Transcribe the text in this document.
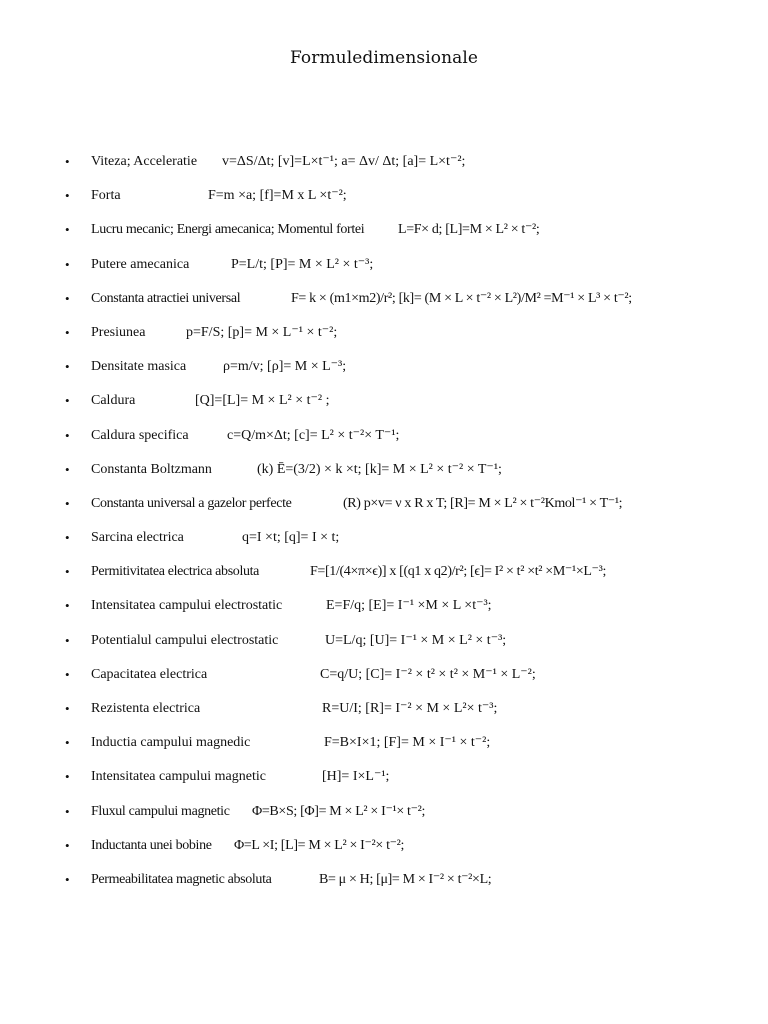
Formuledimensionale
• Viteza; Acceleratie v=ΔS/Δt; [v]=L×t⁻¹; a= Δv/ Δt; [a]= L×t⁻²;
• Forta	F=m ×a; [f]=M x L ×t⁻²;
• Lucru mecanic; Energi amecanica; Momentul fortei L=F× d; [L]=M × L² × t⁻²;
• Putere amecanica	P=L/t; [P]= M × L² × t⁻³;
• Constanta atractiei universal	F= k × (m1×m2)/r²; [k]= (M × L × t⁻² × L²)/M² =M⁻¹ × L³ × t⁻²;
• Presiunea	p=F/S; [p]= M × L⁻¹ × t⁻²;
• Densitate masica	ρ=m/v; [ρ]= M × L⁻³;
• Caldura	[Q]=[L]= M × L² × t⁻² ;
• Caldura specifica	c=Q/m×Δt; [c]= L² × t⁻²× T⁻¹;
• Constanta Boltzmann	(k) Ē=(3/2) × k ×t; [k]= M × L² × t⁻² × T⁻¹;
• Constanta universal a gazelor perfecte	(R) p×v= ν x R x T; [R]= M × L² × t⁻²Kmol⁻¹ × T⁻¹;
• Sarcina electrica	q=I ×t; [q]= I × t;
• Permitivitatea electrica absoluta	F=[1/(4×π×ϵ)] x [(q1 x q2)/r²; [ϵ]= I² × t² ×t² ×M⁻¹×L⁻³;
• Intensitatea campului electrostatic	E=F/q; [E]= I⁻¹ ×M × L ×t⁻³;
• Potentialul campului electrostatic	U=L/q; [U]= I⁻¹ × M × L² × t⁻³;
• Capacitatea electrica	C=q/U; [C]= I⁻² × t² × t² × M⁻¹ × L⁻²;
• Rezistenta electrica	R=U/I; [R]= I⁻² × M × L²× t⁻³;
• Inductia campului magnedic	F=B×I×1; [F]= M × I⁻¹ × t⁻²;
• Intensitatea campului magnetic	[H]= I×L⁻¹;
• Fluxul campului magnetic Φ=B×S; [Φ]= M × L² × I⁻¹× t⁻²;
• Inductanta unei bobine Φ=L ×I; [L]= M × L² × I⁻²× t⁻²;
• Permeabilitatea magnetic absoluta	B= μ × H; [μ]= M × I⁻² × t⁻²×L;
